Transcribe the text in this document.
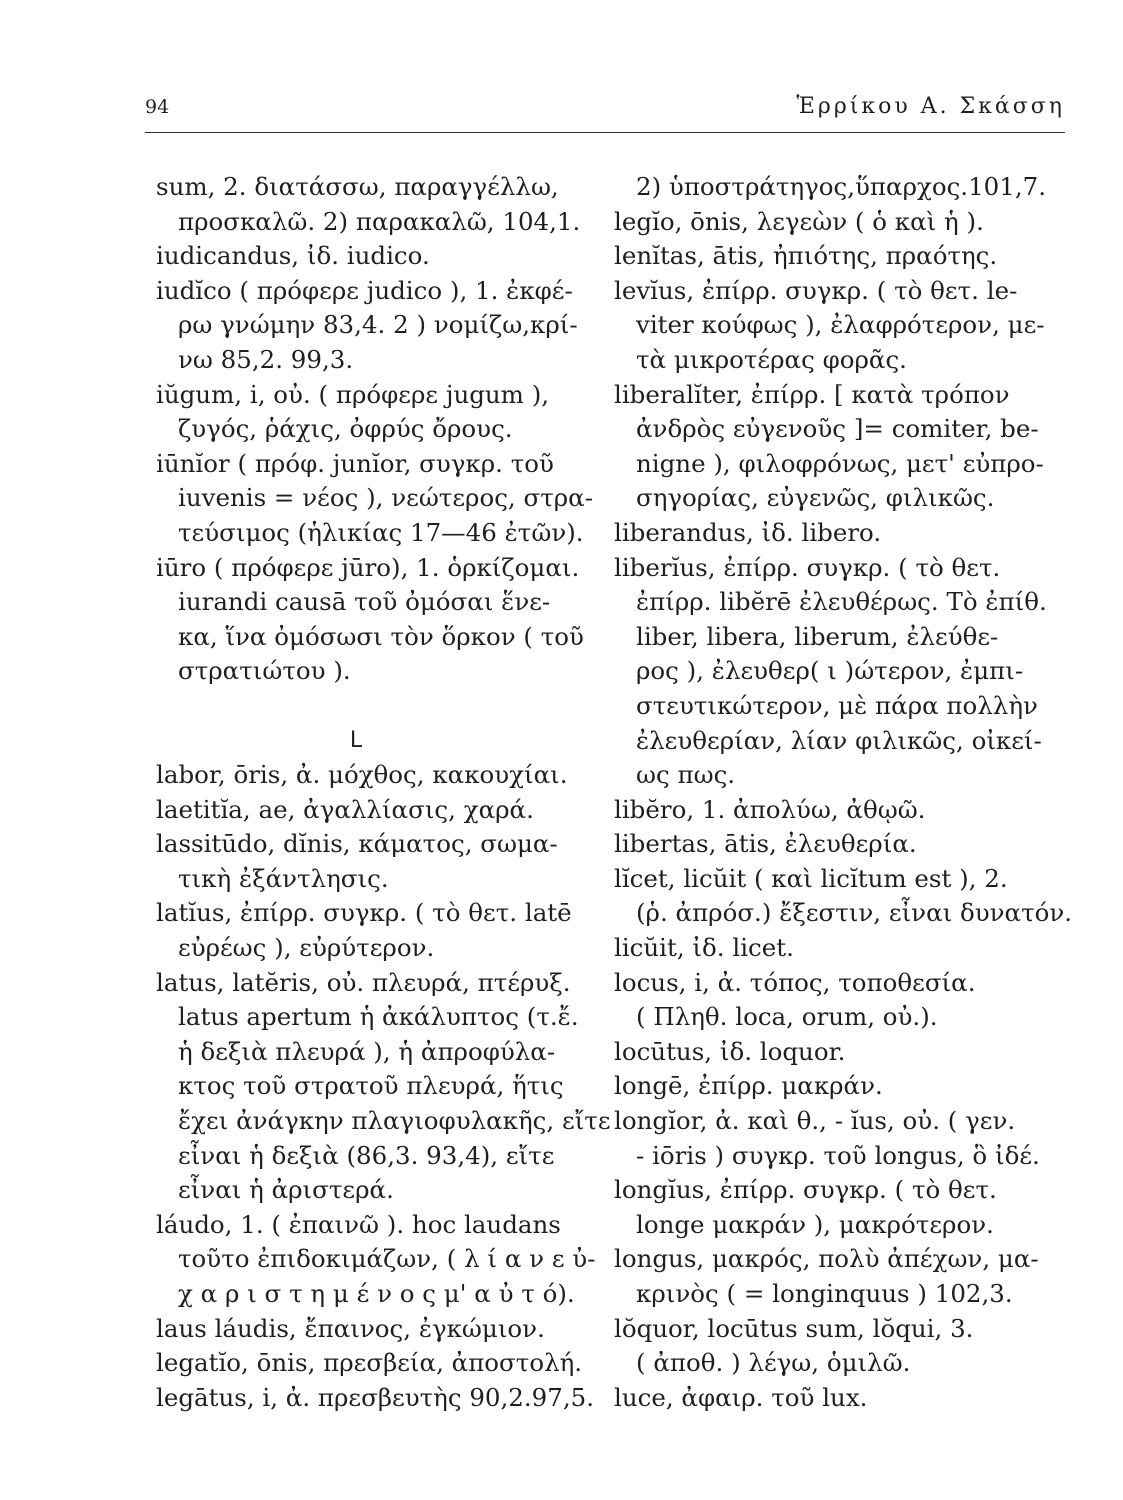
94	Ἑρρίκου Α. Σκάσση
sum, 2. διατάσσω, παραγγέλλω,
προσκαλῶ. 2) παρακαλῶ, 104,1.
iudicandus, ἰδ. iudico.
iudĭco ( πρόφερε judico ), 1. ἐκφέ-
ρω γνώμην 83,4. 2 ) νομίζω,κρί-
νω 85,2. 99,3.
iŭgum, i, οὐ. ( πρόφερε jugum ),
ζυγός, ῥάχις, ὀφρύς ὄρους.
iūnĭor ( πρόφ. junĭor, συγκρ. τοῦ
iuvenis = νέος ), νεώτερος, στρα-
τεύσιμος (ἡλικίας 17—46 ἐτῶν).
iūro ( πρόφερε jūro), 1. ὁρκίζομαι.
iurandi causā τοῦ ὀμόσαι ἕνε-
κα, ἵνα ὀμόσωσι τὸν ὅρκον ( τοῦ
στρατιώτου ).
L
labor, ōris, ἀ. μόχθος, κακουχίαι.
laetitĭa, ae, ἀγαλλίασις, χαρά.
lassitūdo, dĭnis, κάματος, σωμα-
τικὴ ἐξάντλησις.
latĭus, ἐπίρρ. συγκρ. ( τὸ θετ. latē
εὐρέως ), εὐρύτερον.
latus, latĕris, οὐ. πλευρά, πτέρυξ.
latus apertum ἡ ἀκάλυπτος (τ.ἔ.
ἡ δεξιὰ πλευρά ), ἡ ἀπροφύλα-
κτος τοῦ στρατοῦ πλευρά, ἥτις
ἔχει ἀνάγκην πλαγιοφυλακῆς, εἴτε
εἶναι ἡ δεξιὰ (86,3. 93,4), εἴτε
εἶναι ἡ ἀριστερά.
láudo, 1. ( ἐπαινῶ ). hoc laudans
τοῦτο ἐπιδοκιμάζων, ( λ ί α ν ε ὐ-
χ α ρ ι σ τ η μ έ ν ο ς μ' α ὐ τ ό).
laus láudis, ἔπαινος, ἐγκώμιον.
legatĭo, ōnis, πρεσβεία, ἀποστολή.
legātus, i, ἀ. πρεσβευτὴς 90,2.97,5.
2) ὑποστράτηγος,ὕπαρχος.101,7.
legĭo, ōnis, λεγεὼν ( ὁ καὶ ἡ ).
lenĭtas, ātis, ἠπιότης, πραότης.
levĭus, ἐπίρρ. συγκρ. ( τὸ θετ. le-
viter κούφως ), ἐλαφρότερον, με-
τὰ μικροτέρας φορᾶς.
liberalĭter, ἐπίρρ. [ κατὰ τρόπον
ἀνδρὸς εὐγενοῦς ]= comiter, be-
nigne ), φιλοφρόνως, μετ' εὐπρο-
σηγορίας, εὐγενῶς, φιλικῶς.
liberandus, ἰδ. libero.
liberĭus, ἐπίρρ. συγκρ. ( τὸ θετ.
ἐπίρρ. libĕrē ἐλευθέρως. Τὸ ἐπίθ.
liber, libera, liberum, ἐλεύθε-
ρος ), ἐλευθερ( ι )ώτερον, ἐμπι-
στευτικώτερον, μὲ πάρα πολλὴν
ἐλευθερίαν, λίαν φιλικῶς, οἰκεί-
ως πως.
libĕro, 1. ἀπολύω, ἀθῳῶ.
libertas, ātis, ἐλευθερία.
lĭcet, licŭit ( καὶ licĭtum est ), 2.
(ῥ. ἀπρόσ.) ἔξεστιν, εἶναι δυνατόν.
licŭit, ἰδ. licet.
locus, i, ἀ. τόπος, τοποθεσία.
( Πληθ. loca, orum, οὐ.).
locūtus, ἰδ. loquor.
longē, ἐπίρρ. μακράν.
longĭor, ἀ. καὶ θ., - ĭus, οὐ. ( γεν.
- iōris ) συγκρ. τοῦ longus, ὃ ἰδέ.
longĭus, ἐπίρρ. συγκρ. ( τὸ θετ.
longe μακράν ), μακρότερον.
longus, μακρός, πολὺ ἀπέχων, μα-
κρινὸς ( = longinquus ) 102,3.
lŏquor, locūtus sum, lŏqui, 3.
( ἀποθ. ) λέγω, ὁμιλῶ.
luce, ἀφαιρ. τοῦ lux.
